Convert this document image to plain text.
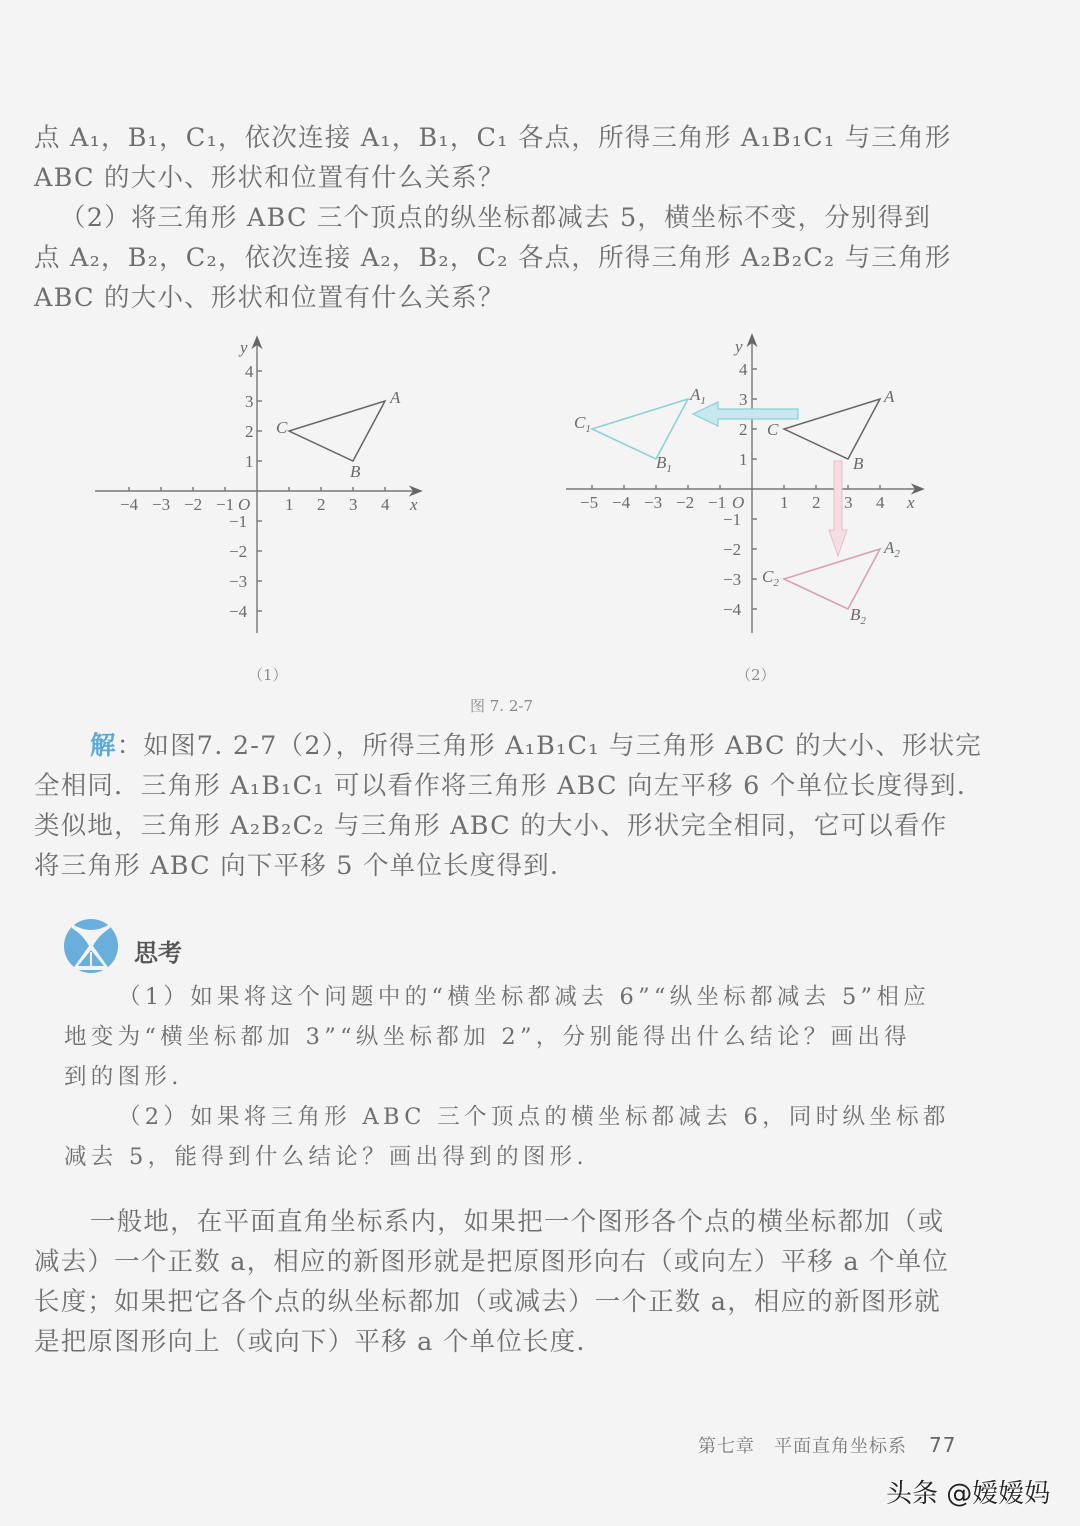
点 A₁，B₁，C₁，依次连接 A₁，B₁，C₁ 各点，所得三角形 A₁B₁C₁ 与三角形
ABC 的大小、形状和位置有什么关系？
（2）将三角形 ABC 三个顶点的纵坐标都减去 5，横坐标不变，分别得到
点 A₂，B₂，C₂，依次连接 A₂，B₂，C₂ 各点，所得三角形 A₂B₂C₂ 与三角形
ABC 的大小、形状和位置有什么关系？
−4 −3 −2 −1 O 1 2 3 4 x
y
4
3
2
1
−1
−2
−3
−4
A
B
C
−5 −4 −3 −2 −1 O 1 2 3 4 x
y
4
3
2
1
−1
−2
−3
−4
A
B
C
$A_1$
$B_1$
$C_1$
$A_2$
$B_2$
$C_2$
（1）	（2）
图 7. 2-7
解：如图7. 2-7（2），所得三角形 A₁B₁C₁ 与三角形 ABC 的大小、形状完
全相同．三角形 A₁B₁C₁ 可以看作将三角形 ABC 向左平移 6 个单位长度得到.
类似地，三角形 A₂B₂C₂ 与三角形 ABC 的大小、形状完全相同，它可以看作
将三角形 ABC 向下平移 5 个单位长度得到.
思考
（1）如果将这个问题中的“横坐标都减去 6”“纵坐标都减去 5”相应
地变为“横坐标都加 3”“纵坐标都加 2”，分别能得出什么结论？画出得
到的图形.
（2）如果将三角形 ABC 三个顶点的横坐标都减去 6，同时纵坐标都
减去 5，能得到什么结论？画出得到的图形.
一般地，在平面直角坐标系内，如果把一个图形各个点的横坐标都加（或
减去）一个正数 a，相应的新图形就是把原图形向右（或向左）平移 a 个单位
长度；如果把它各个点的纵坐标都加（或减去）一个正数 a，相应的新图形就
是把原图形向上（或向下）平移 a 个单位长度.
第七章　平面直角坐标系 77
头条 @嫒嫒妈
